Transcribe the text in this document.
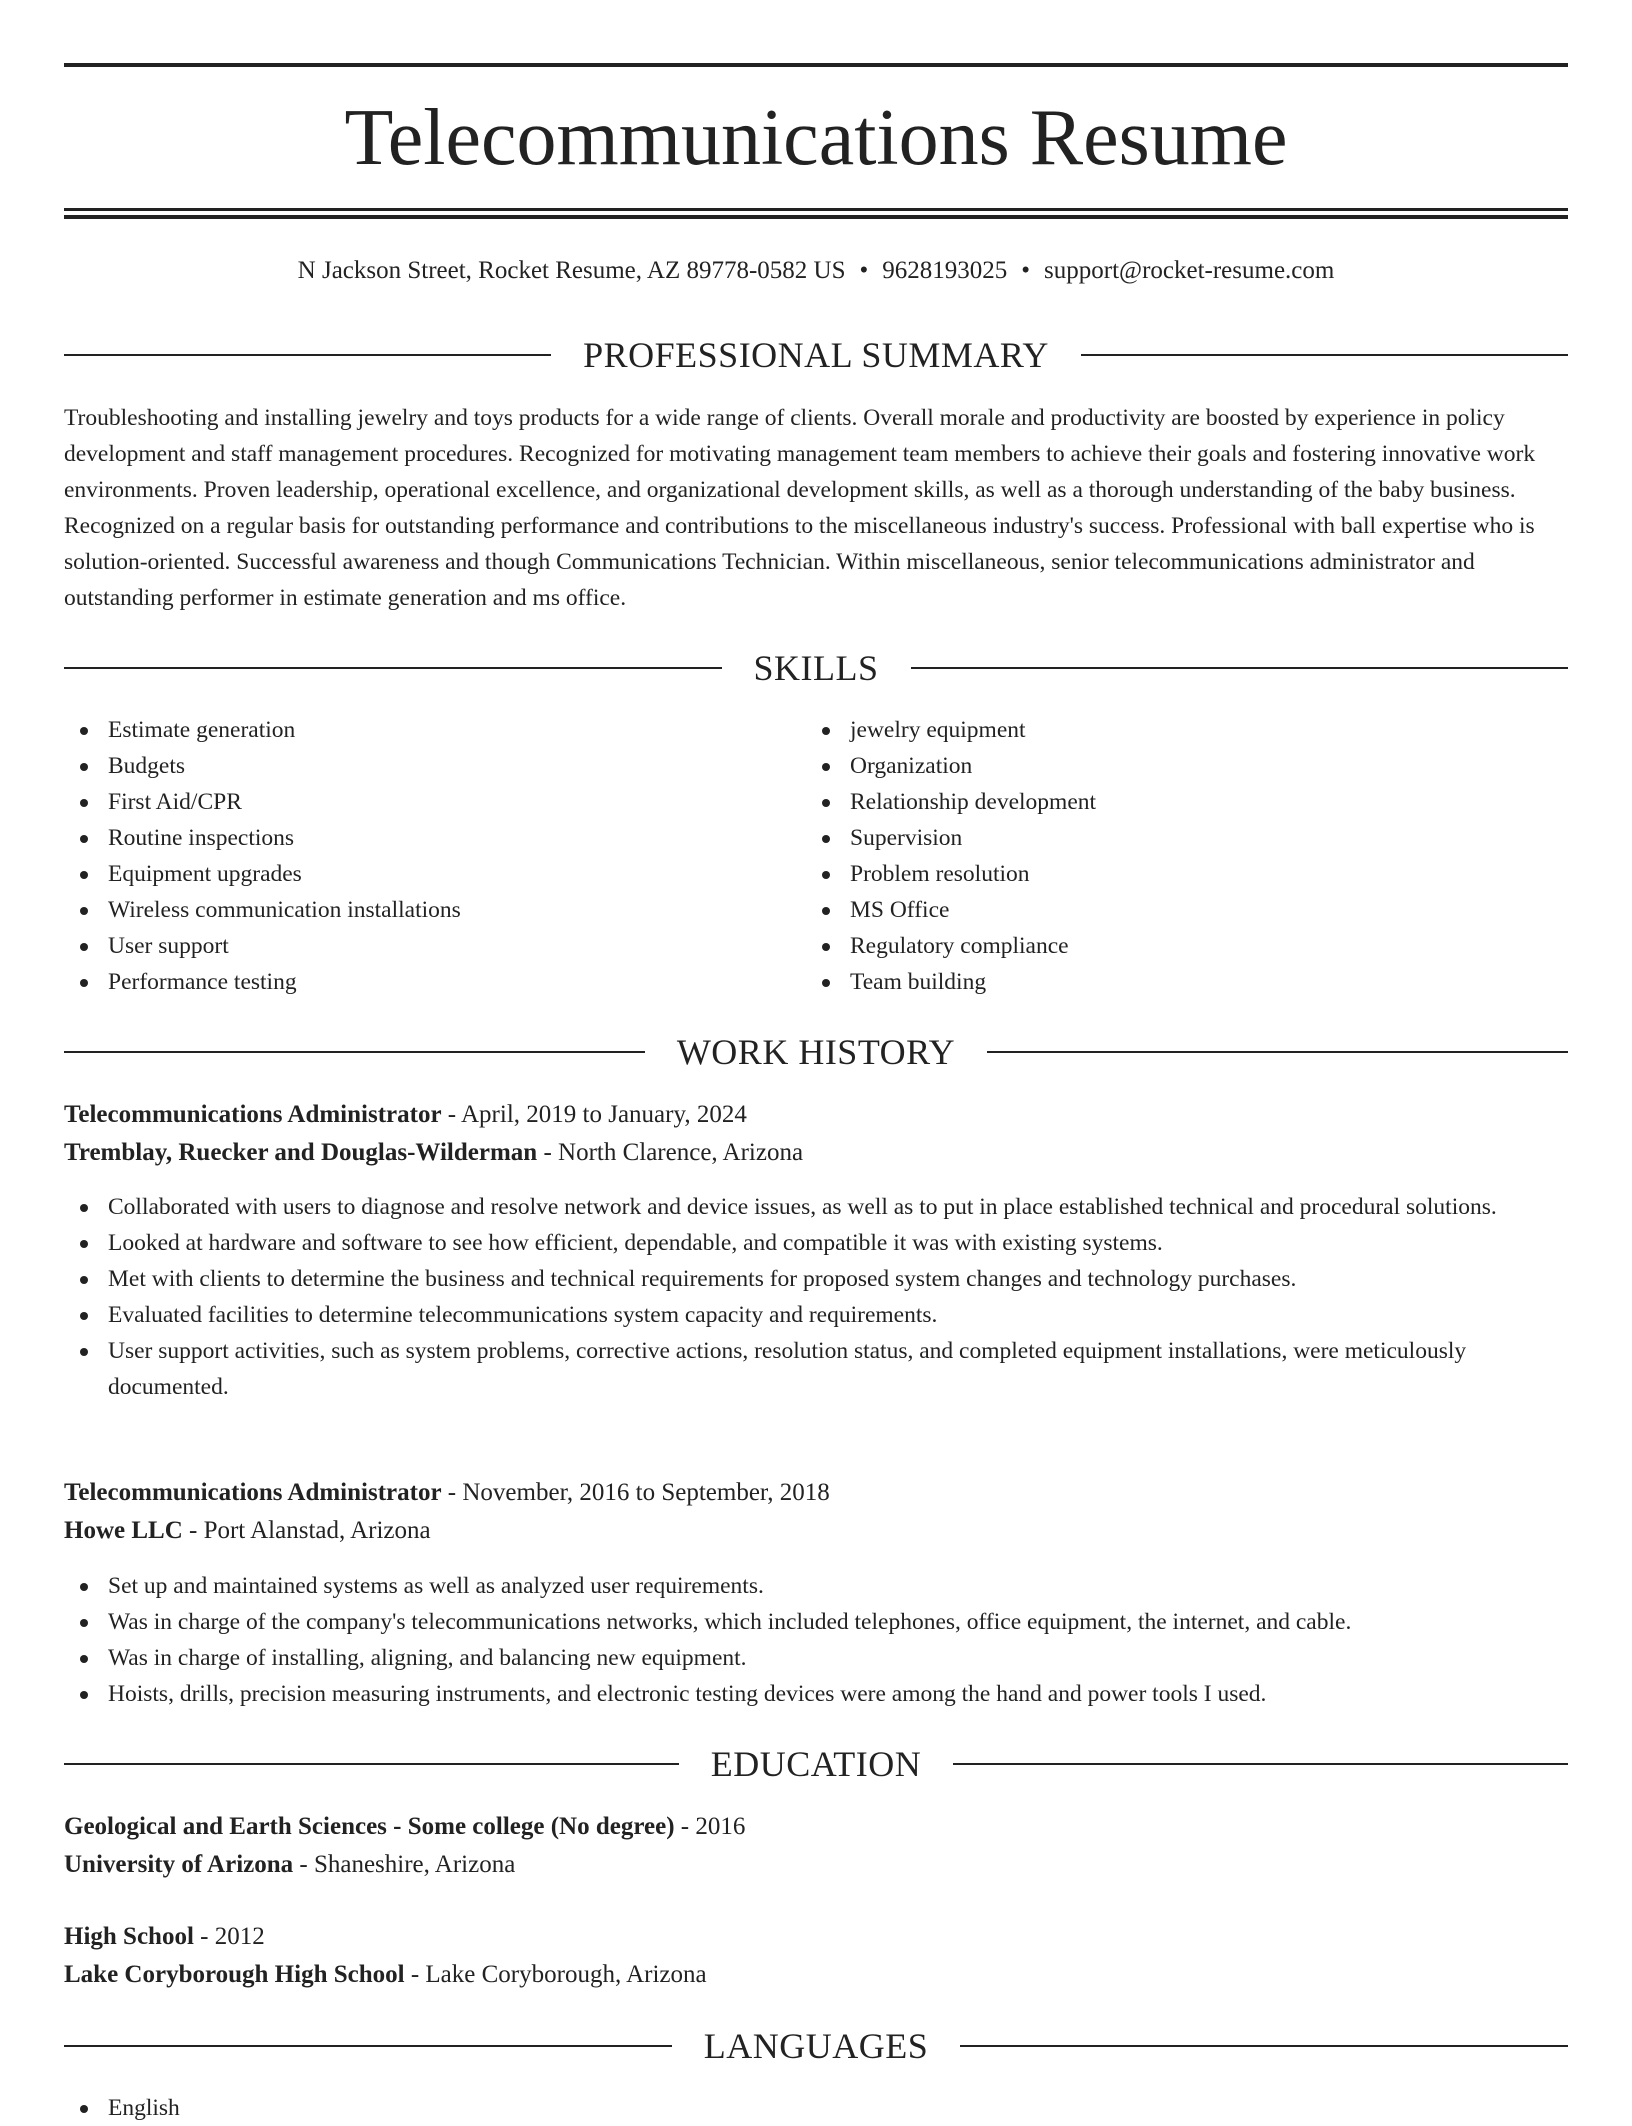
Telecommunications Resume
N Jackson Street, Rocket Resume, AZ 89778-0582 US • 9628193025 • support@rocket-resume.com
PROFESSIONAL SUMMARY

Troubleshooting and installing jewelry and toys products for a wide range of clients. Overall morale and productivity are boosted by experience in policy development and staff management procedures. Recognized for motivating management team members to achieve their goals and fostering innovative work environments. Proven leadership, operational excellence, and organizational development skills, as well as a thorough understanding of the baby business. Recognized on a regular basis for outstanding performance and contributions to the miscellaneous industry's success. Professional with ball expertise who is solution-oriented. Successful awareness and though Communications Technician. Within miscellaneous, senior telecommunications administrator and outstanding performer in estimate generation and ms office.

SKILLS
Estimate generation
Budgets
First Aid/CPR
Routine inspections
Equipment upgrades
Wireless communication installations
User support
Performance testing
jewelry equipment
Organization
Relationship development
Supervision
Problem resolution
MS Office
Regulatory compliance
Team building
WORK HISTORY
Telecommunications Administrator - April, 2019 to January, 2024
Tremblay, Ruecker and Douglas-Wilderman - North Clarence, Arizona
Collaborated with users to diagnose and resolve network and device issues, as well as to put in place established technical and procedural solutions.
Looked at hardware and software to see how efficient, dependable, and compatible it was with existing systems.
Met with clients to determine the business and technical requirements for proposed system changes and technology purchases.
Evaluated facilities to determine telecommunications system capacity and requirements.
User support activities, such as system problems, corrective actions, resolution status, and completed equipment installations, were meticulously documented.
Telecommunications Administrator - November, 2016 to September, 2018
Howe LLC - Port Alanstad, Arizona
Set up and maintained systems as well as analyzed user requirements.
Was in charge of the company's telecommunications networks, which included telephones, office equipment, the internet, and cable.
Was in charge of installing, aligning, and balancing new equipment.
Hoists, drills, precision measuring instruments, and electronic testing devices were among the hand and power tools I used.
EDUCATION
Geological and Earth Sciences - Some college (No degree) - 2016
University of Arizona - Shaneshire, Arizona
High School - 2012
Lake Coryborough High School - Lake Coryborough, Arizona
LANGUAGES
English
